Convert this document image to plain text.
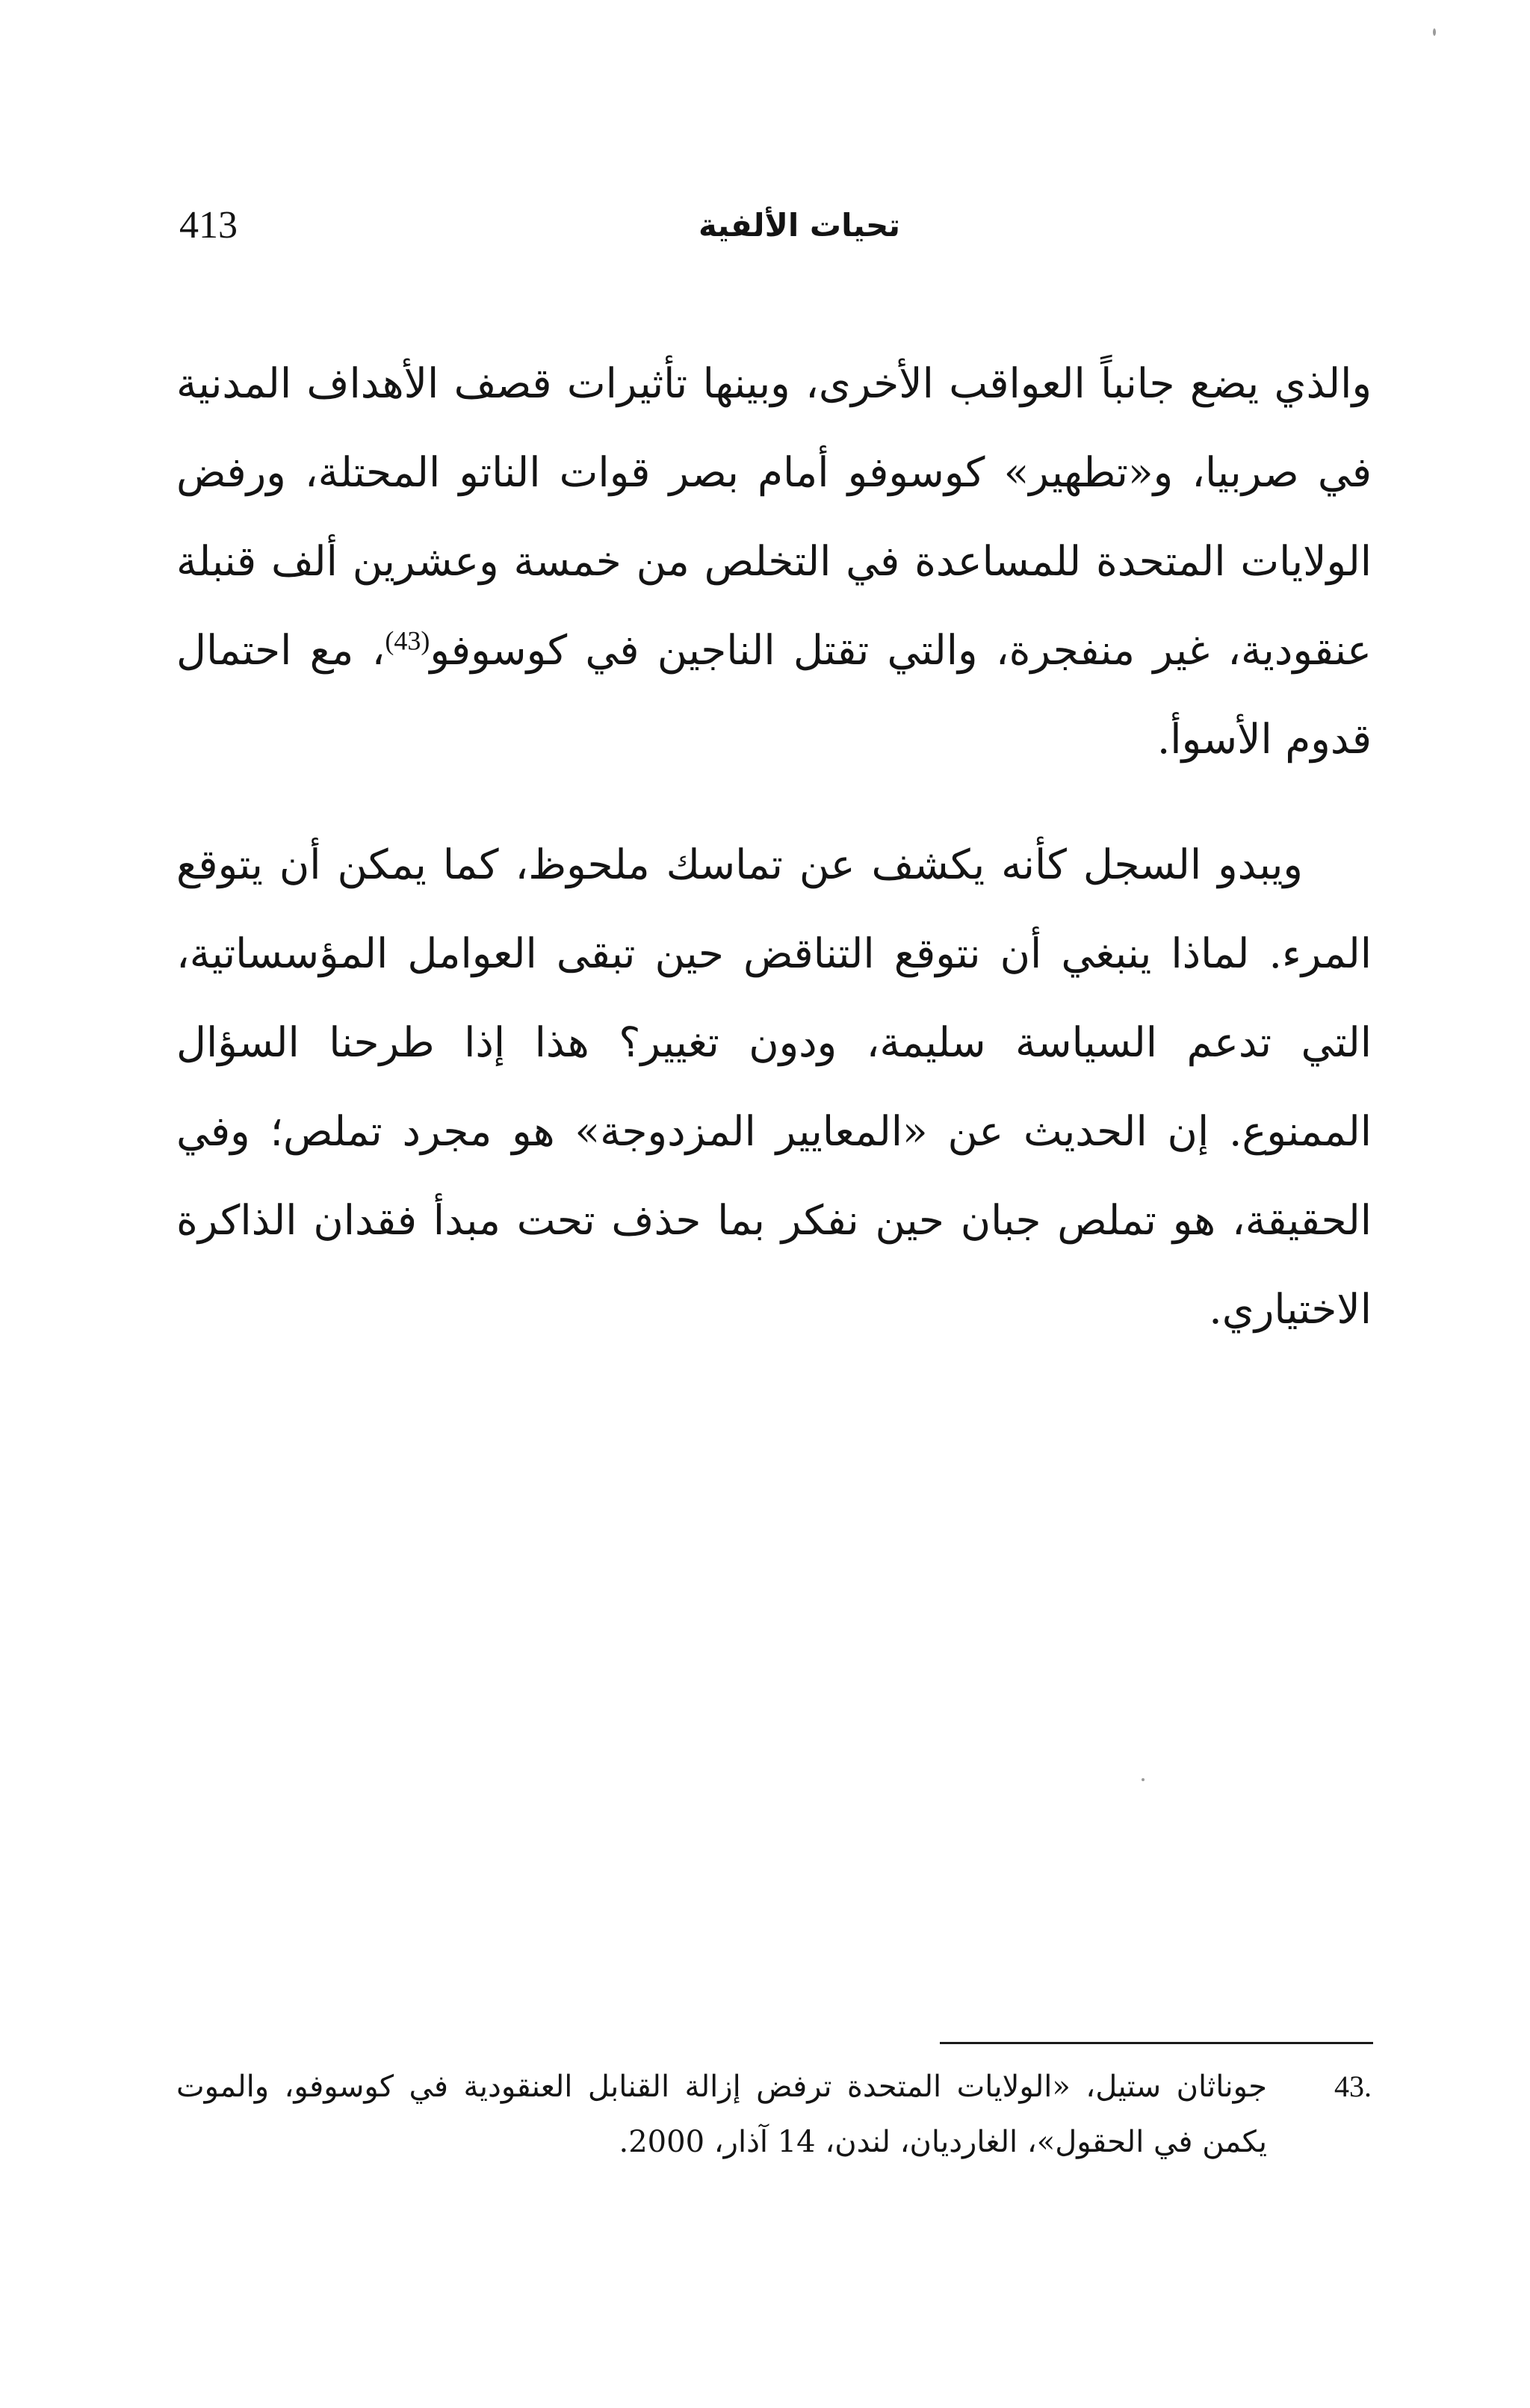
413	تحيات الألفية

والذي يضع جانباً العواقب الأخرى، وبينها تأثيرات قصف الأهداف المدنية في صربيا، و«تطهير» كوسوفو أمام بصر قوات الناتو المحتلة، ورفض الولايات المتحدة للمساعدة في التخلص من خمسة وعشرين ألف قنبلة عنقودية، غير منفجرة، والتي تقتل الناجين في كوسوفو$^{(43)}$، مع احتمال قدوم الأسوأ.

ويبدو السجل كأنه يكشف عن تماسك ملحوظ، كما يمكن أن يتوقع المرء. لماذا ينبغي أن نتوقع التناقض حين تبقى العوامل المؤسساتية، التي تدعم السياسة سليمة، ودون تغيير؟ هذا إذا طرحنا السؤال الممنوع. إن الحديث عن «المعايير المزدوجة» هو مجرد تملص؛ وفي الحقيقة، هو تملص جبان حين نفكر بما حذف تحت مبدأ فقدان الذاكرة الاختياري.

43.
جوناثان ستيل، «الولايات المتحدة ترفض إزالة القنابل العنقودية في كوسوفو، والموت يكمن في الحقول»، الغارديان، لندن، 14 آذار، 2000.
